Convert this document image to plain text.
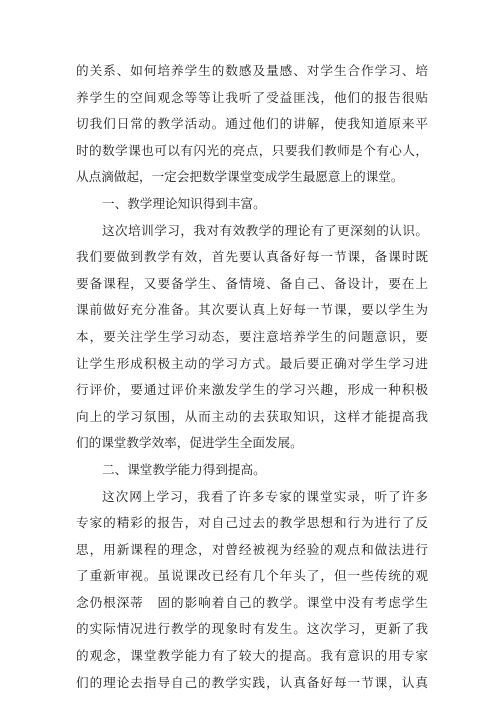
的关系、如何培养学生的数感及量感、对学生合作学习、培
养学生的空间观念等等让我听了受益匪浅，他们的报告很贴
切我们日常的教学活动。通过他们的讲解，使我知道原来平
时的数学课也可以有闪光的亮点，只要我们教师是个有心人，
从点滴做起，一定会把数学课堂变成学生最愿意上的课堂。
一、教学理论知识得到丰富。
这次培训学习，我对有效教学的理论有了更深刻的认识。
我们要做到教学有效，首先要认真备好每一节课，备课时既
要备课程，又要备学生、备情境、备自己、备设计，要在上
课前做好充分准备。其次要认真上好每一节课，要以学生为
本，要关注学生学习动态，要注意培养学生的问题意识，要
让学生形成积极主动的学习方式。最后要正确对学生学习进
行评价，要通过评价来激发学生的学习兴趣，形成一种积极
向上的学习氛围，从而主动的去获取知识，这样才能提高我
们的课堂教学效率，促进学生全面发展。
二、课堂教学能力得到提高。
这次网上学习，我看了许多专家的课堂实录，听了许多
专家的精彩的报告，对自己过去的教学思想和行为进行了反
思，用新课程的理念，对曾经被视为经验的观点和做法进行
了重新审视。虽说课改已经有几个年头了，但一些传统的观
念仍根深蒂　固的影响着自己的教学。课堂中没有考虑学生
的实际情况进行教学的现象时有发生。这次学习，更新了我
的观念，课堂教学能力有了较大的提高。我有意识的用专家
们的理论去指导自己的教学实践，认真备好每一节课，认真
